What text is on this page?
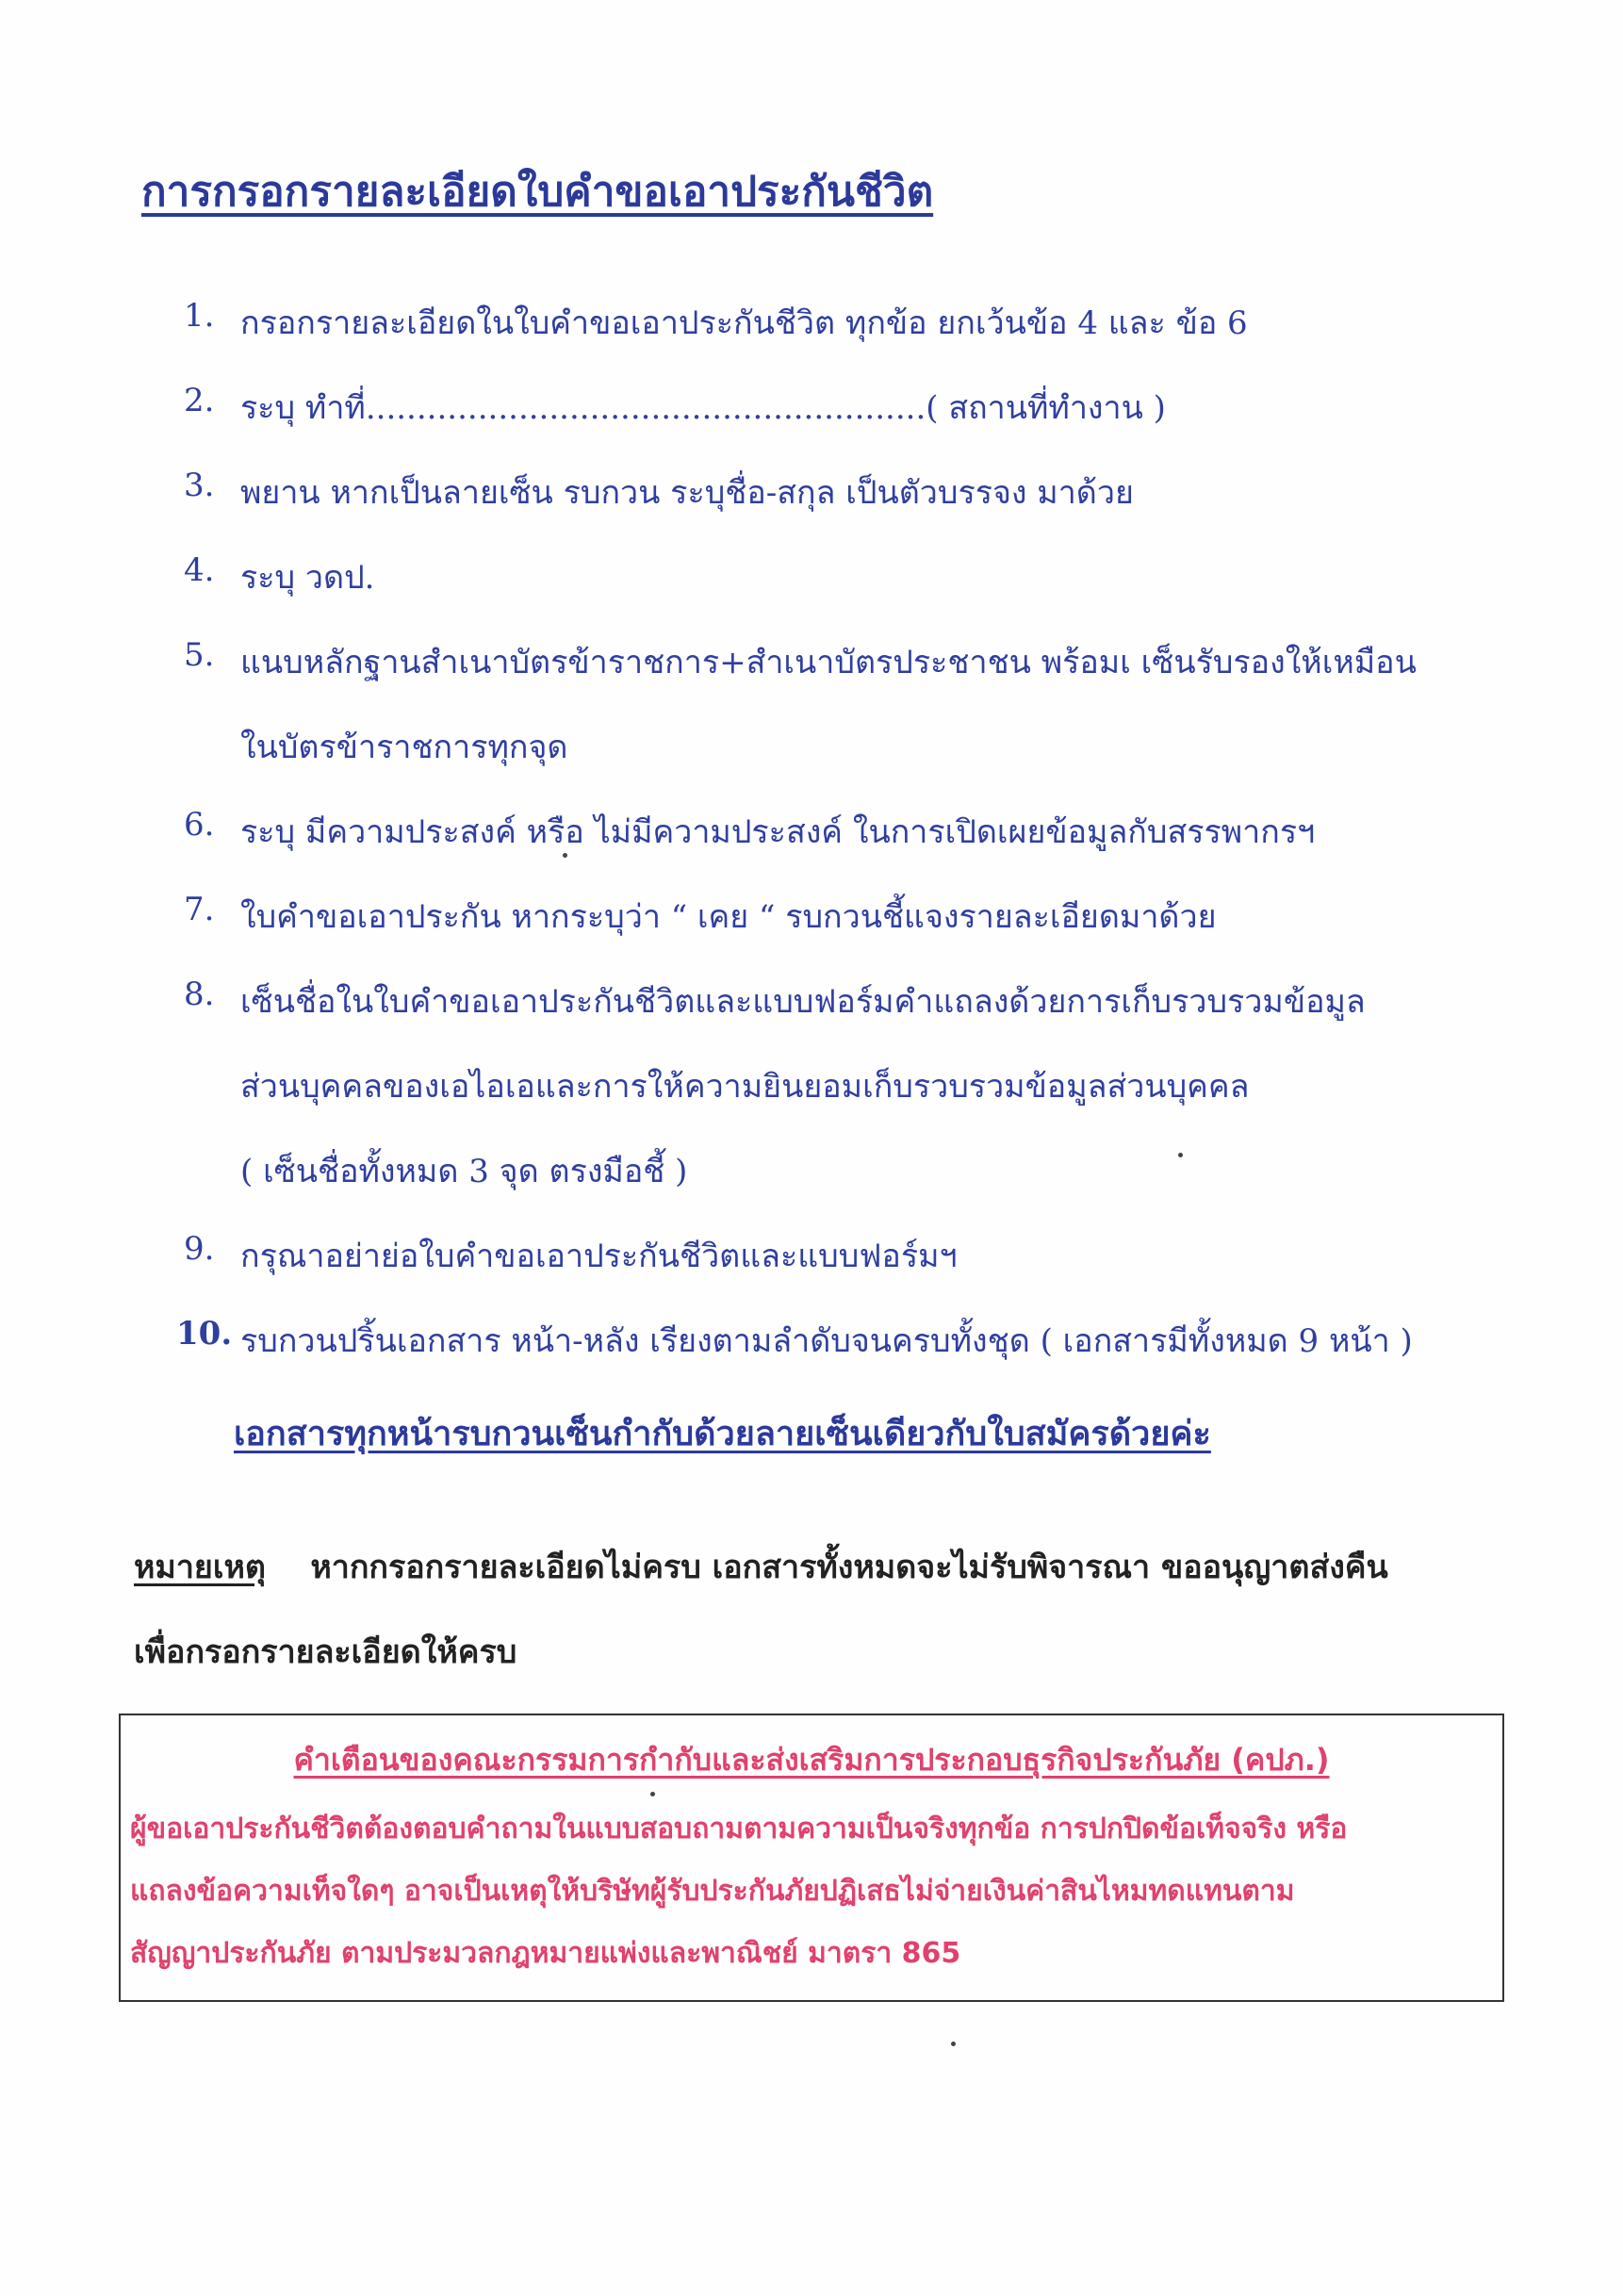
การกรอกรายละเอียดใบคำขอเอาประกันชีวิต
1. กรอกรายละเอียดในใบคำขอเอาประกันชีวิต ทุกข้อ ยกเว้นข้อ 4 และ ข้อ 6
2. ระบุ ทำที่.......................................................( สถานที่ทำงาน )
3. พยาน หากเป็นลายเซ็น รบกวน ระบุชื่อ-สกุล เป็นตัวบรรจง มาด้วย
4. ระบุ วดป.
5. แนบหลักฐานสำเนาบัตรข้าราชการ+สำเนาบัตรประชาชน พร้อมเ เซ็นรับรองให้เหมือน
ในบัตรข้าราชการทุกจุด
6. ระบุ มีความประสงค์ หรือ ไม่มีความประสงค์ ในการเปิดเผยข้อมูลกับสรรพากรฯ
7. ใบคำขอเอาประกัน หากระบุว่า “ เคย “ รบกวนชี้แจงรายละเอียดมาด้วย
8. เซ็นชื่อในใบคำขอเอาประกันชีวิตและแบบฟอร์มคำแถลงด้วยการเก็บรวบรวมข้อมูล
ส่วนบุคคลของเอไอเอและการให้ความยินยอมเก็บรวบรวมข้อมูลส่วนบุคคล
( เซ็นชื่อทั้งหมด 3 จุด ตรงมือชี้ )
9. กรุณาอย่าย่อใบคำขอเอาประกันชีวิตและแบบฟอร์มฯ
10. รบกวนปริ้นเอกสาร หน้า-หลัง เรียงตามลำดับจนครบทั้งชุด ( เอกสารมีทั้งหมด 9 หน้า )
เอกสารทุกหน้ารบกวนเซ็นกำกับด้วยลายเซ็นเดียวกับใบสมัครด้วยค่ะ
หมายเหตุ หากกรอกรายละเอียดไม่ครบ เอกสารทั้งหมดจะไม่รับพิจารณา ขออนุญาตส่งคืน
เพื่อกรอกรายละเอียดให้ครบ
คำเตือนของคณะกรรมการกำกับและส่งเสริมการประกอบธุรกิจประกันภัย (คปภ.)
ผู้ขอเอาประกันชีวิตต้องตอบคำถามในแบบสอบถามตามความเป็นจริงทุกข้อ การปกปิดข้อเท็จจริง หรือ
แถลงข้อความเท็จใดๆ อาจเป็นเหตุให้บริษัทผู้รับประกันภัยปฏิเสธไม่จ่ายเงินค่าสินไหมทดแทนตาม
สัญญาประกันภัย ตามประมวลกฎหมายแพ่งและพาณิชย์ มาตรา 865
